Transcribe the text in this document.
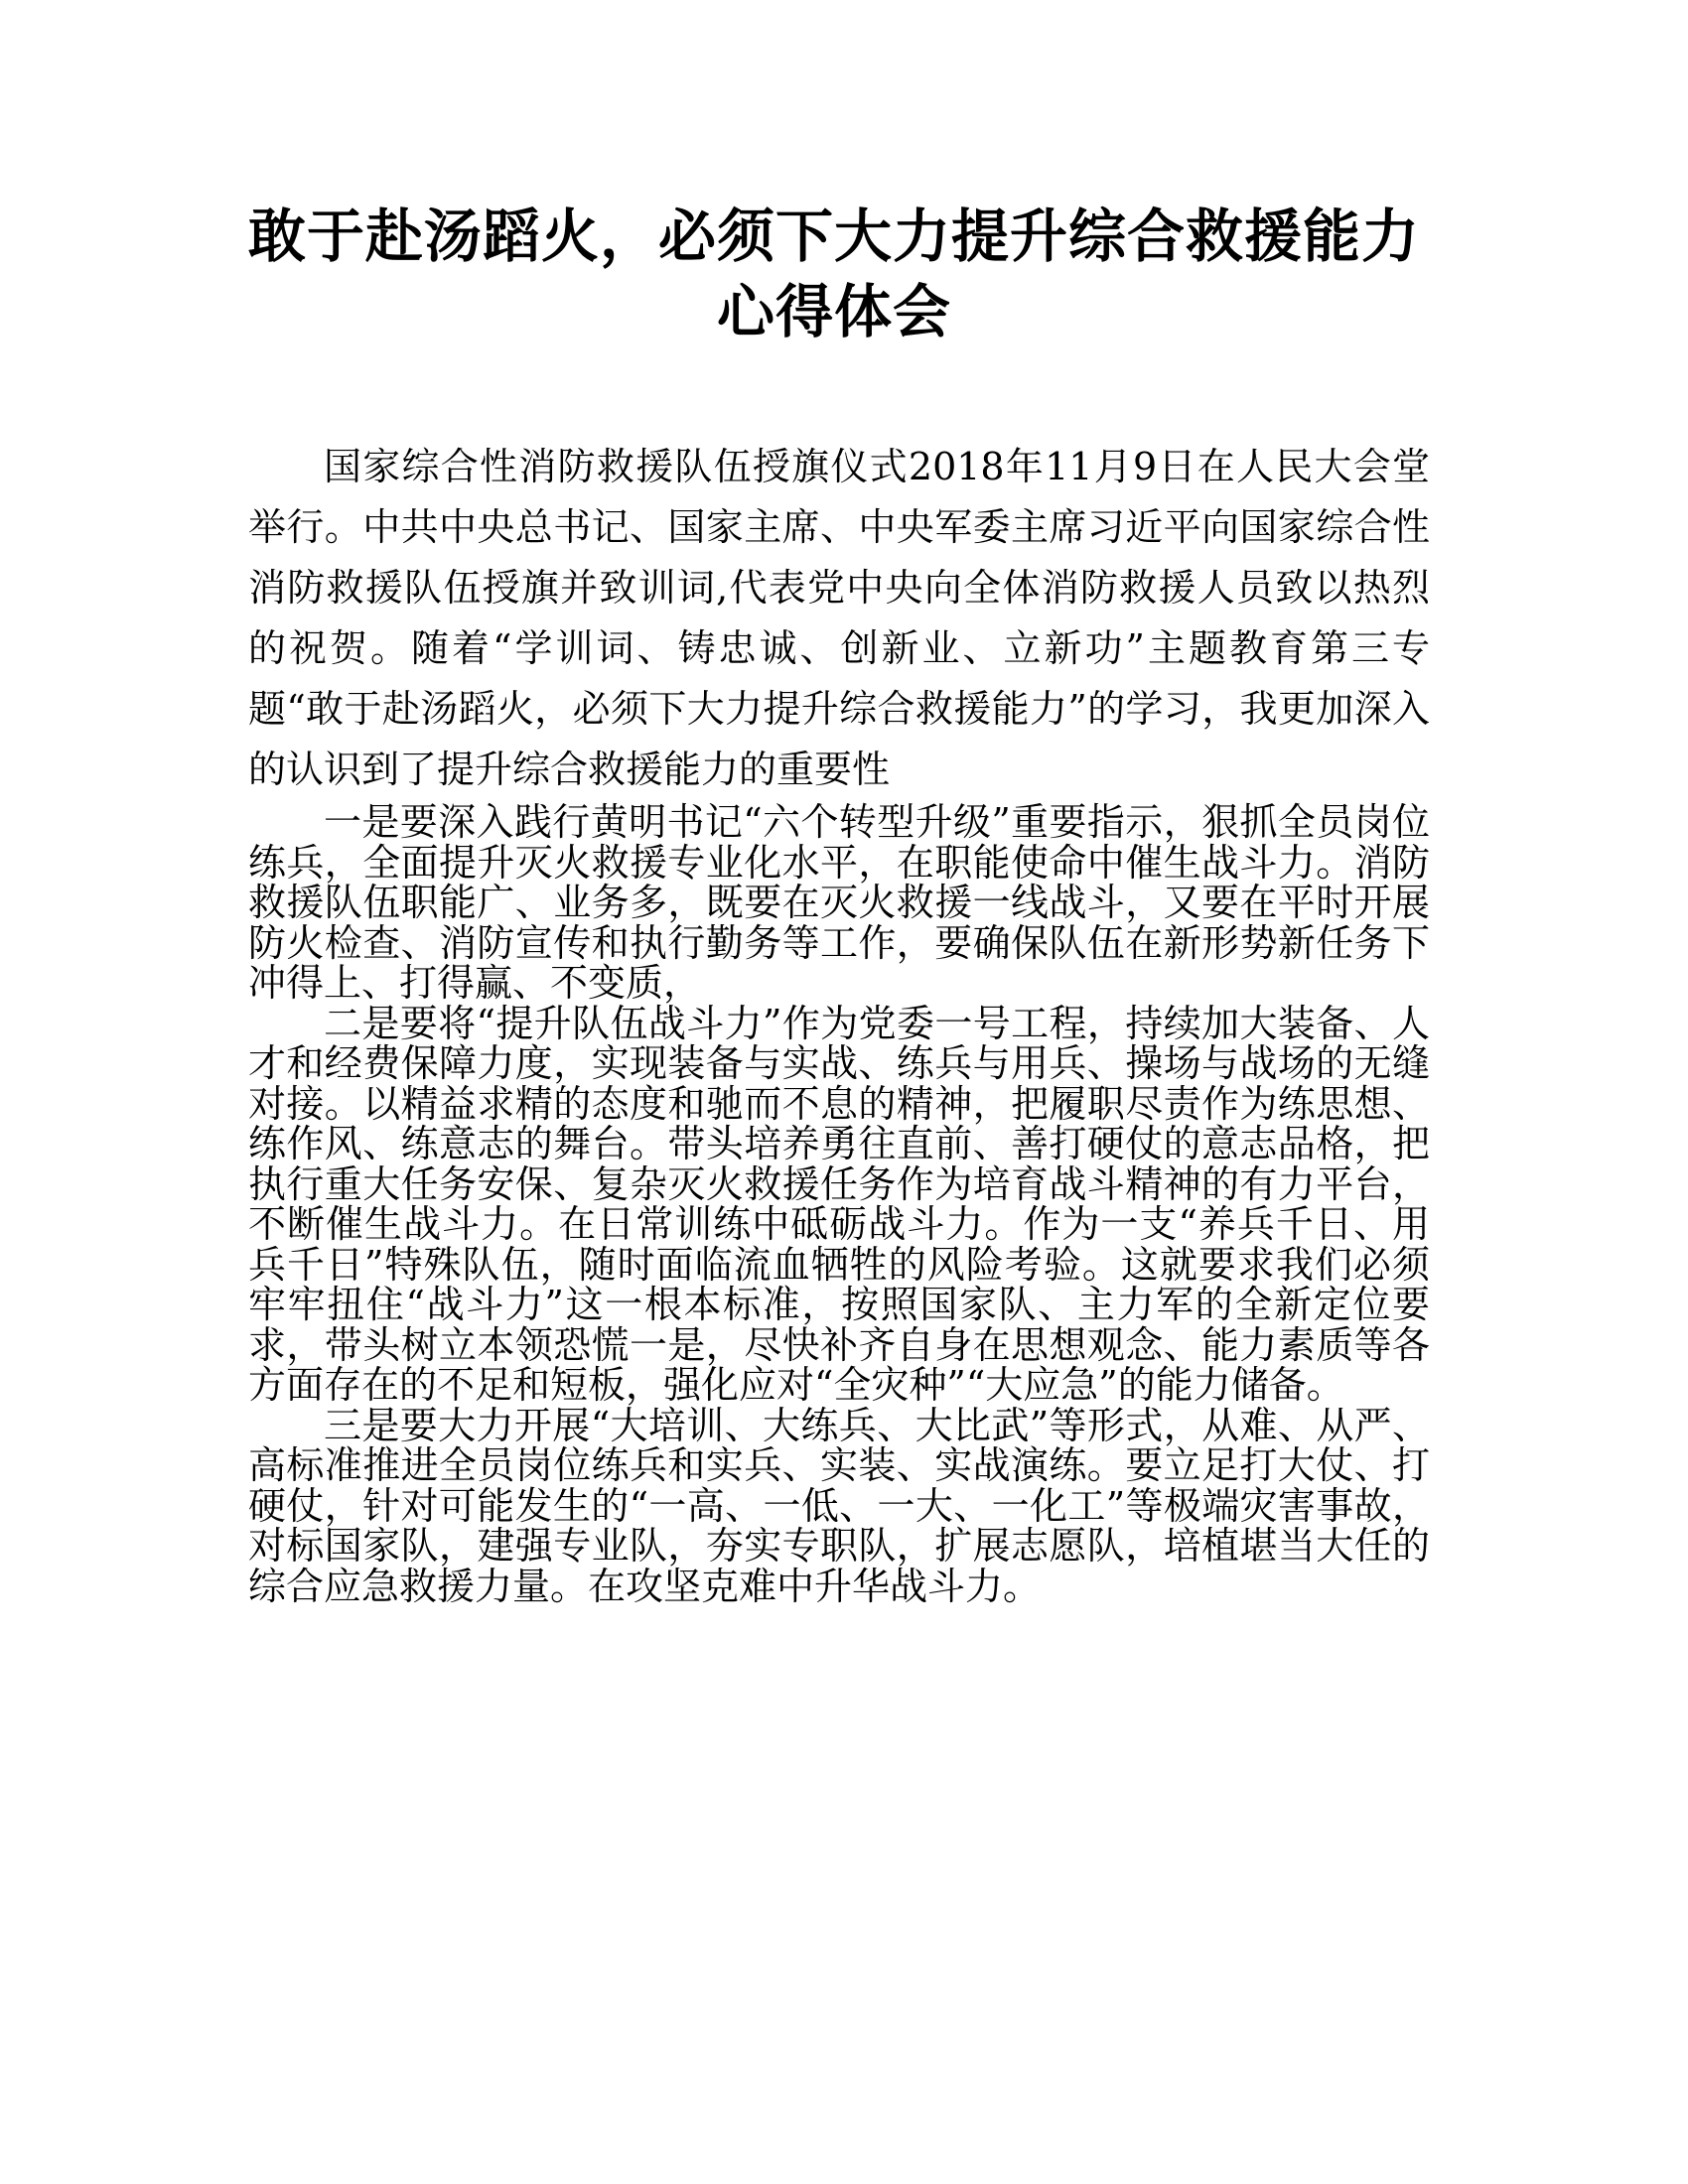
敢于赴汤蹈火，必须下大力提升综合救援能力心得体会

国家综合性消防救援队伍授旗仪式2018年11月9日在人民大会堂举行。中共中央总书记、国家主席、中央军委主席习近平向国家综合性消防救援队伍授旗并致训词,代表党中央向全体消防救援人员致以热烈的祝贺。随着“学训词、铸忠诚、创新业、立新功”主题教育第三专题“敢于赴汤蹈火，必须下大力提升综合救援能力”的学习，我更加深入的认识到了提升综合救援能力的重要性

一是要深入践行黄明书记“六个转型升级”重要指示，狠抓全员岗位练兵，全面提升灭火救援专业化水平，在职能使命中催生战斗力。消防救援队伍职能广、业务多，既要在灭火救援一线战斗，又要在平时开展防火检查、消防宣传和执行勤务等工作，要确保队伍在新形势新任务下冲得上、打得赢、不变质，

二是要将“提升队伍战斗力”作为党委一号工程，持续加大装备、人才和经费保障力度，实现装备与实战、练兵与用兵、操场与战场的无缝对接。以精益求精的态度和驰而不息的精神，把履职尽责作为练思想、练作风、练意志的舞台。带头培养勇往直前、善打硬仗的意志品格，把执行重大任务安保、复杂灭火救援任务作为培育战斗精神的有力平台，不断催生战斗力。在日常训练中砥砺战斗力。作为一支“养兵千日、用兵千日”特殊队伍，随时面临流血牺牲的风险考验。这就要求我们必须牢牢扭住“战斗力”这一根本标准，按照国家队、主力军的全新定位要求，带头树立本领恐慌一是，尽快补齐自身在思想观念、能力素质等各方面存在的不足和短板，强化应对“全灾种”“大应急”的能力储备。

三是要大力开展“大培训、大练兵、大比武”等形式，从难、从严、高标准推进全员岗位练兵和实兵、实装、实战演练。要立足打大仗、打硬仗，针对可能发生的“一高、一低、一大、一化工”等极端灾害事故，对标国家队，建强专业队，夯实专职队，扩展志愿队，培植堪当大任的综合应急救援力量。在攻坚克难中升华战斗力。
